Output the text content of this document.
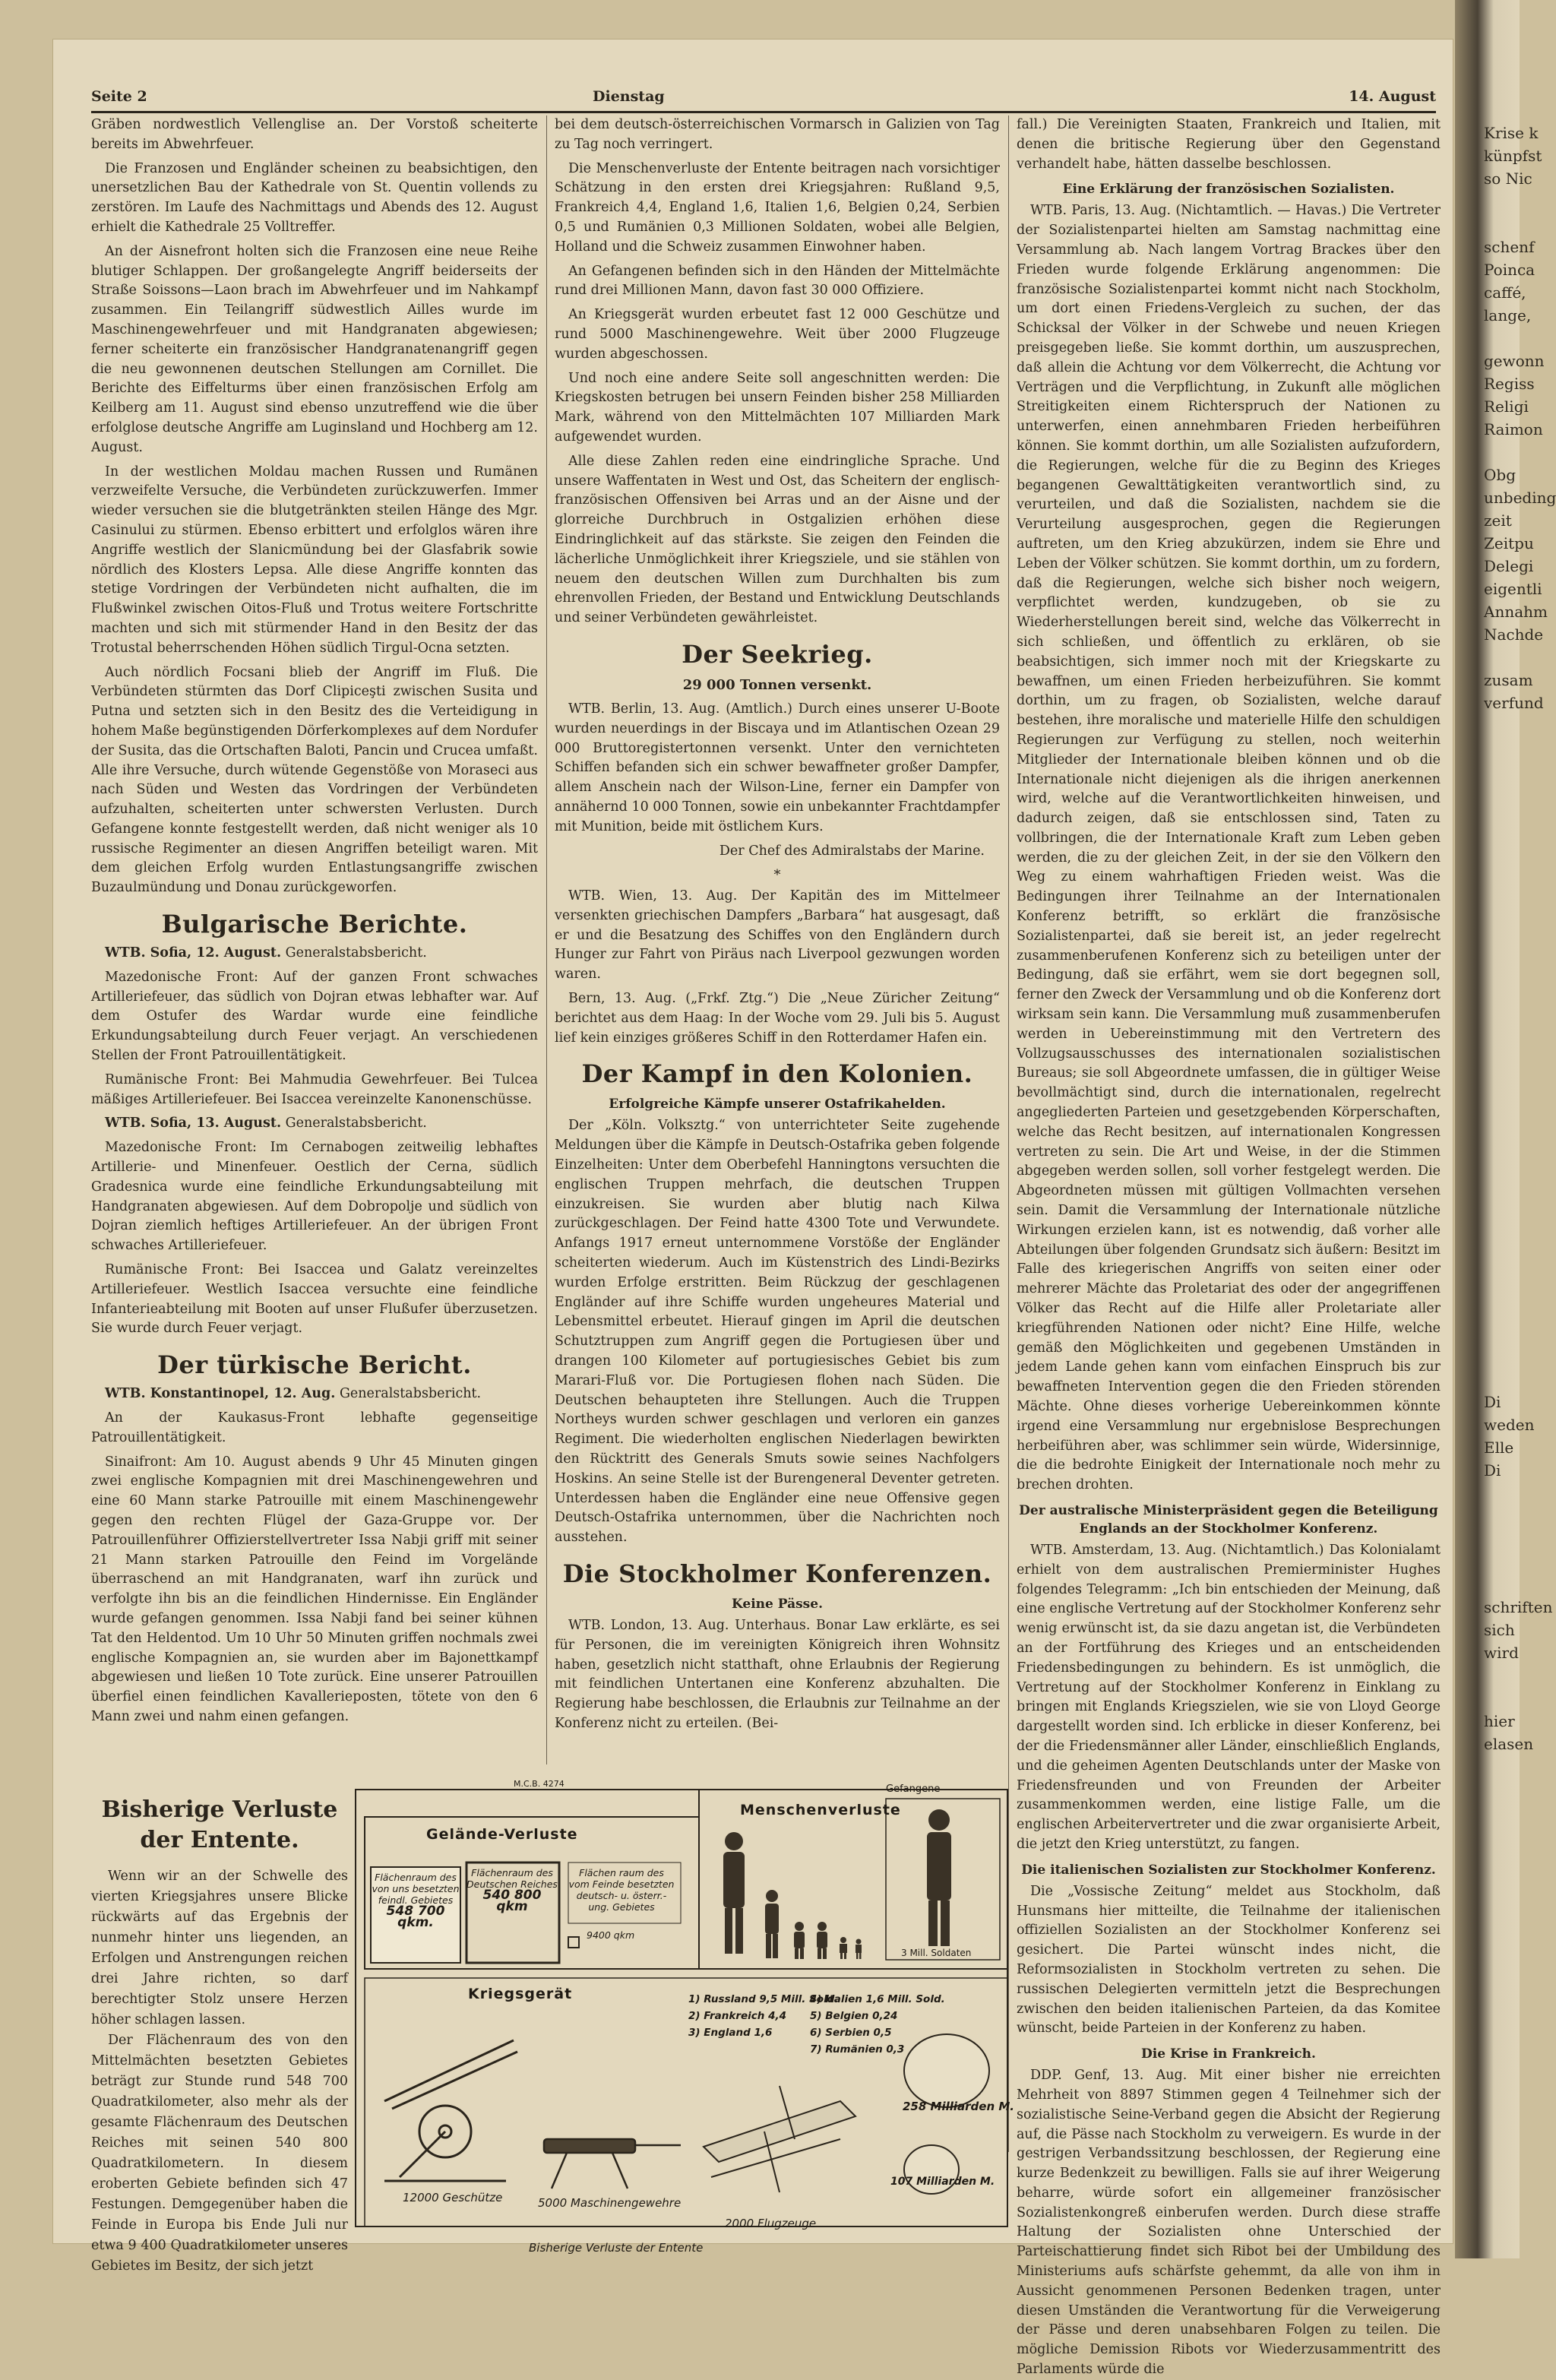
Krise k

künpfst

so Nic

schenf

Poinca

caffé,

lange,

gewonn

Regiss

Religi

Raimon

Obg

unbeding

zeit

Zeitpu

Delegi

eigentli

Annahm

Nachde

zusam

verfund

Di

weden

Elle

Di

schriften

sich

wird

hier

elasen

Seite 2	Dienstag	14. August

Gräben nordwestlich Vellenglise an. Der Vorstoß scheiterte bereits im Abwehrfeuer.

Die Franzosen und Engländer scheinen zu beabsichtigen, den unersetzlichen Bau der Kathedrale von St. Quentin vollends zu zerstören. Im Laufe des Nachmittags und Abends des 12. August erhielt die Kathedrale 25 Volltreffer.

An der Aisnefront holten sich die Franzosen eine neue Reihe blutiger Schlappen. Der großangelegte Angriff beiderseits der Straße Soissons—Laon brach im Abwehrfeuer und im Nahkampf zusammen. Ein Teilangriff südwestlich Ailles wurde im Maschinengewehrfeuer und mit Handgranaten abgewiesen; ferner scheiterte ein französischer Handgranatenangriff gegen die neu gewonnenen deutschen Stellungen am Cornillet. Die Berichte des Eiffelturms über einen französischen Erfolg am Keilberg am 11. August sind ebenso unzutreffend wie die über erfolglose deutsche Angriffe am Luginsland und Hochberg am 12. August.

In der westlichen Moldau machen Russen und Rumänen verzweifelte Versuche, die Verbündeten zurückzuwerfen. Immer wieder versuchen sie die blutgetränkten steilen Hänge des Mgr. Casinului zu stürmen. Ebenso erbittert und erfolglos wären ihre Angriffe westlich der Slanicmündung bei der Glasfabrik sowie nördlich des Klosters Lepsa. Alle diese Angriffe konnten das stetige Vordringen der Verbündeten nicht aufhalten, die im Flußwinkel zwischen Oitos-Fluß und Trotus weitere Fortschritte machten und sich mit stürmender Hand in den Besitz der das Trotustal beherrschenden Höhen südlich Tirgul-Ocna setzten.

Auch nördlich Focsani blieb der Angriff im Fluß. Die Verbündeten stürmten das Dorf Clipiceşti zwischen Susita und Putna und setzten sich in den Besitz des die Verteidigung in hohem Maße begünstigenden Dörferkomplexes auf dem Nordufer der Susita, das die Ortschaften Baloti, Pancin und Crucea umfaßt. Alle ihre Versuche, durch wütende Gegenstöße von Moraseci aus nach Süden und Westen das Vordringen der Verbündeten aufzuhalten, scheiterten unter schwersten Verlusten. Durch Gefangene konnte festgestellt werden, daß nicht weniger als 10 russische Regimenter an diesen Angriffen beteiligt waren. Mit dem gleichen Erfolg wurden Entlastungsangriffe zwischen Buzaulmündung und Donau zurückgeworfen.

Bulgarische Berichte.

WTB. Sofia, 12. August. Generalstabsbericht.

Mazedonische Front: Auf der ganzen Front schwaches Artilleriefeuer, das südlich von Dojran etwas lebhafter war. Auf dem Ostufer des Wardar wurde eine feindliche Erkundungsabteilung durch Feuer verjagt. An verschiedenen Stellen der Front Patrouillentätigkeit.

Rumänische Front: Bei Mahmudia Gewehrfeuer. Bei Tulcea mäßiges Artilleriefeuer. Bei Isaccea vereinzelte Kanonenschüsse.

WTB. Sofia, 13. August. Generalstabsbericht.

Mazedonische Front: Im Cernabogen zeitweilig lebhaftes Artillerie- und Minenfeuer. Oestlich der Cerna, südlich Gradesnica wurde eine feindliche Erkundungsabteilung mit Handgranaten abgewiesen. Auf dem Dobropolje und südlich von Dojran ziemlich heftiges Artilleriefeuer. An der übrigen Front schwaches Artilleriefeuer.

Rumänische Front: Bei Isaccea und Galatz vereinzeltes Artilleriefeuer. Westlich Isaccea versuchte eine feindliche Infanterieabteilung mit Booten auf unser Flußufer überzusetzen. Sie wurde durch Feuer verjagt.

Der türkische Bericht.

WTB. Konstantinopel, 12. Aug. Generalstabsbericht.

An der Kaukasus-Front lebhafte gegenseitige Patrouillentätigkeit.

Sinaifront: Am 10. August abends 9 Uhr 45 Minuten gingen zwei englische Kompagnien mit drei Maschinengewehren und eine 60 Mann starke Patrouille mit einem Maschinengewehr gegen den rechten Flügel der Gaza-Gruppe vor. Der Patrouillenführer Offizierstellvertreter Issa Nabji griff mit seiner 21 Mann starken Patrouille den Feind im Vorgelände überraschend an mit Handgranaten, warf ihn zurück und verfolgte ihn bis an die feindlichen Hindernisse. Ein Engländer wurde gefangen genommen. Issa Nabji fand bei seiner kühnen Tat den Heldentod. Um 10 Uhr 50 Minuten griffen nochmals zwei englische Kompagnien an, sie wurden aber im Bajonettkampf abgewiesen und ließen 10 Tote zurück. Eine unserer Patrouillen überfiel einen feindlichen Kavallerieposten, tötete von den 6 Mann zwei und nahm einen gefangen.

bei dem deutsch-österreichischen Vormarsch in Galizien von Tag zu Tag noch verringert.

Die Menschenverluste der Entente beitragen nach vorsichtiger Schätzung in den ersten drei Kriegsjahren: Rußland 9,5, Frankreich 4,4, England 1,6, Italien 1,6, Belgien 0,24, Serbien 0,5 und Rumänien 0,3 Millionen Soldaten, wobei alle Belgien, Holland und die Schweiz zusammen Einwohner haben.

An Gefangenen befinden sich in den Händen der Mittelmächte rund drei Millionen Mann, davon fast 30 000 Offiziere.

An Kriegsgerät wurden erbeutet fast 12 000 Geschütze und rund 5000 Maschinengewehre. Weit über 2000 Flugzeuge wurden abgeschossen.

Und noch eine andere Seite soll angeschnitten werden: Die Kriegskosten betrugen bei unsern Feinden bisher 258 Milliarden Mark, während von den Mittelmächten 107 Milliarden Mark aufgewendet wurden.

Alle diese Zahlen reden eine eindringliche Sprache. Und unsere Waffentaten in West und Ost, das Scheitern der englisch-französischen Offensiven bei Arras und an der Aisne und der glorreiche Durchbruch in Ostgalizien erhöhen diese Eindringlichkeit auf das stärkste. Sie zeigen den Feinden die lächerliche Unmöglichkeit ihrer Kriegsziele, und sie stählen von neuem den deutschen Willen zum Durchhalten bis zum ehrenvollen Frieden, der Bestand und Entwicklung Deutschlands und seiner Verbündeten gewährleistet.

Der Seekrieg.
29 000 Tonnen versenkt.

WTB. Berlin, 13. Aug. (Amtlich.) Durch eines unserer U-Boote wurden neuerdings in der Biscaya und im Atlantischen Ozean 29 000 Bruttoregistertonnen versenkt. Unter den vernichteten Schiffen befanden sich ein schwer bewaffneter großer Dampfer, allem Anschein nach der Wilson-Line, ferner ein Dampfer von annähernd 10 000 Tonnen, sowie ein unbekannter Frachtdampfer mit Munition, beide mit östlichem Kurs.

Der Chef des Admiralstabs der Marine.

*

WTB. Wien, 13. Aug. Der Kapitän des im Mittelmeer versenkten griechischen Dampfers „Barbara“ hat ausgesagt, daß er und die Besatzung des Schiffes von den Engländern durch Hunger zur Fahrt von Piräus nach Liverpool gezwungen worden waren.

Bern, 13. Aug. („Frkf. Ztg.“) Die „Neue Züricher Zeitung“ berichtet aus dem Haag: In der Woche vom 29. Juli bis 5. August lief kein einziges größeres Schiff in den Rotterdamer Hafen ein.

Der Kampf in den Kolonien.
Erfolgreiche Kämpfe unserer Ostafrikahelden.

Der „Köln. Volksztg.“ von unterrichteter Seite zugehende Meldungen über die Kämpfe in Deutsch-Ostafrika geben folgende Einzelheiten: Unter dem Oberbefehl Hanningtons versuchten die englischen Truppen mehrfach, die deutschen Truppen einzukreisen. Sie wurden aber blutig nach Kilwa zurückgeschlagen. Der Feind hatte 4300 Tote und Verwundete. Anfangs 1917 erneut unternommene Vorstöße der Engländer scheiterten wiederum. Auch im Küstenstrich des Lindi-Bezirks wurden Erfolge erstritten. Beim Rückzug der geschlagenen Engländer auf ihre Schiffe wurden ungeheures Material und Lebensmittel erbeutet. Hierauf gingen im April die deutschen Schutztruppen zum Angriff gegen die Portugiesen über und drangen 100 Kilometer auf portugiesisches Gebiet bis zum Marari-Fluß vor. Die Portugiesen flohen nach Süden. Die Deutschen behaupteten ihre Stellungen. Auch die Truppen Northeys wurden schwer geschlagen und verloren ein ganzes Regiment. Die wiederholten englischen Niederlagen bewirkten den Rücktritt des Generals Smuts sowie seines Nachfolgers Hoskins. An seine Stelle ist der Burengeneral Deventer getreten. Unterdessen haben die Engländer eine neue Offensive gegen Deutsch-Ostafrika unternommen, über die Nachrichten noch ausstehen.

Die Stockholmer Konferenzen.
Keine Pässe.

WTB. London, 13. Aug. Unterhaus. Bonar Law erklärte, es sei für Personen, die im vereinigten Königreich ihren Wohnsitz haben, gesetzlich nicht statthaft, ohne Erlaubnis der Regierung mit feindlichen Untertanen eine Konferenz abzuhalten. Die Regierung habe beschlossen, die Erlaubnis zur Teilnahme an der Konferenz nicht zu erteilen. (Bei-

fall.) Die Vereinigten Staaten, Frankreich und Italien, mit denen die britische Regierung über den Gegenstand verhandelt habe, hätten dasselbe beschlossen.

Eine Erklärung der französischen Sozialisten.

WTB. Paris, 13. Aug. (Nichtamtlich. — Havas.) Die Vertreter der Sozialistenpartei hielten am Samstag nachmittag eine Versammlung ab. Nach langem Vortrag Brackes über den Frieden wurde folgende Erklärung angenommen: Die französische Sozialistenpartei kommt nicht nach Stockholm, um dort einen Friedens-Vergleich zu suchen, der das Schicksal der Völker in der Schwebe und neuen Kriegen preisgegeben ließe. Sie kommt dorthin, um auszusprechen, daß allein die Achtung vor dem Völkerrecht, die Achtung vor Verträgen und die Verpflichtung, in Zukunft alle möglichen Streitigkeiten einem Richterspruch der Nationen zu unterwerfen, einen annehmbaren Frieden herbeiführen können. Sie kommt dorthin, um alle Sozialisten aufzufordern, die Regierungen, welche für die zu Beginn des Krieges begangenen Gewalttätigkeiten verantwortlich sind, zu verurteilen, und daß die Sozialisten, nachdem sie die Verurteilung ausgesprochen, gegen die Regierungen auftreten, um den Krieg abzukürzen, indem sie Ehre und Leben der Völker schützen. Sie kommt dorthin, um zu fordern, daß die Regierungen, welche sich bisher noch weigern, verpflichtet werden, kundzugeben, ob sie zu Wiederherstellungen bereit sind, welche das Völkerrecht in sich schließen, und öffentlich zu erklären, ob sie beabsichtigen, sich immer noch mit der Kriegskarte zu bewaffnen, um einen Frieden herbeizuführen. Sie kommt dorthin, um zu fragen, ob Sozialisten, welche darauf bestehen, ihre moralische und materielle Hilfe den schuldigen Regierungen zur Verfügung zu stellen, noch weiterhin Mitglieder der Internationale bleiben können und ob die Internationale nicht diejenigen als die ihrigen anerkennen wird, welche auf die Verantwortlichkeiten hinweisen, und dadurch zeigen, daß sie entschlossen sind, Taten zu vollbringen, die der Internationale Kraft zum Leben geben werden, die zu der gleichen Zeit, in der sie den Völkern den Weg zu einem wahrhaftigen Frieden weist. Was die Bedingungen ihrer Teilnahme an der Internationalen Konferenz betrifft, so erklärt die französische Sozialistenpartei, daß sie bereit ist, an jeder regelrecht zusammenberufenen Konferenz sich zu beteiligen unter der Bedingung, daß sie erfährt, wem sie dort begegnen soll, ferner den Zweck der Versammlung und ob die Konferenz dort wirksam sein kann. Die Versammlung muß zusammenberufen werden in Uebereinstimmung mit den Vertretern des Vollzugsausschusses des internationalen sozialistischen Bureaus; sie soll Abgeordnete umfassen, die in gültiger Weise bevollmächtigt sind, durch die internationalen, regelrecht angegliederten Parteien und gesetzgebenden Körperschaften, welche das Recht besitzen, auf internationalen Kongressen vertreten zu sein. Die Art und Weise, in der die Stimmen abgegeben werden sollen, soll vorher festgelegt werden. Die Abgeordneten müssen mit gültigen Vollmachten versehen sein. Damit die Versammlung der Internationale nützliche Wirkungen erzielen kann, ist es notwendig, daß vorher alle Abteilungen über folgenden Grundsatz sich äußern: Besitzt im Falle des kriegerischen Angriffs von seiten einer oder mehrerer Mächte das Proletariat des oder der angegriffenen Völker das Recht auf die Hilfe aller Proletariate aller kriegführenden Nationen oder nicht? Eine Hilfe, welche gemäß den Möglichkeiten und gegebenen Umständen in jedem Lande gehen kann vom einfachen Einspruch bis zur bewaffneten Intervention gegen die den Frieden störenden Mächte. Ohne dieses vorherige Uebereinkommen könnte irgend eine Versammlung nur ergebnislose Besprechungen herbeiführen aber, was schlimmer sein würde, Widersinnige, die die bedrohte Einigkeit der Internationale noch mehr zu brechen drohten.

Der australische Ministerpräsident gegen die Beteiligung Englands an der Stockholmer Konferenz.

WTB. Amsterdam, 13. Aug. (Nichtamtlich.) Das Kolonialamt erhielt von dem australischen Premierminister Hughes folgendes Telegramm: „Ich bin entschieden der Meinung, daß eine englische Vertretung auf der Stockholmer Konferenz sehr wenig erwünscht ist, da sie dazu angetan ist, die Verbündeten an der Fortführung des Krieges und an entscheidenden Friedensbedingungen zu behindern. Es ist unmöglich, die Vertretung auf der Stockholmer Konferenz in Einklang zu bringen mit Englands Kriegszielen, wie sie von Lloyd George dargestellt worden sind. Ich erblicke in dieser Konferenz, bei der die Friedensmänner aller Länder, einschließlich Englands, und die geheimen Agenten Deutschlands unter der Maske von Friedensfreunden und von Freunden der Arbeiter zusammenkommen werden, eine listige Falle, um die englischen Arbeitervertreter und die zwar organisierte Arbeit, die jetzt den Krieg unterstützt, zu fangen.

Die italienischen Sozialisten zur Stockholmer Konferenz.

Die „Vossische Zeitung“ meldet aus Stockholm, daß Hunsmans hier mitteilte, die Teilnahme der italienischen offiziellen Sozialisten an der Stockholmer Konferenz sei gesichert. Die Partei wünscht indes nicht, die Reformsozialisten in Stockholm vertreten zu sehen. Die russischen Delegierten vermitteln jetzt die Besprechungen zwischen den beiden italienischen Parteien, da das Komitee wünscht, beide Parteien in der Konferenz zu haben.

Die Krise in Frankreich.

DDP. Genf, 13. Aug. Mit einer bisher nie erreichten Mehrheit von 8897 Stimmen gegen 4 Teilnehmer sich der sozialistische Seine-Verband gegen die Absicht der Regierung auf, die Pässe nach Stockholm zu verweigern. Es wurde in der gestrigen Verbandssitzung beschlossen, der Regierung eine kurze Bedenkzeit zu bewilligen. Falls sie auf ihrer Weigerung beharre, würde sofort ein allgemeiner französischer Sozialistenkongreß einberufen werden. Durch diese straffe Haltung der Sozialisten ohne Unterschied der Parteischattierung findet sich Ribot bei der Umbildung des Ministeriums aufs schärfste gehemmt, da alle von ihm in Aussicht genommenen Personen Bedenken tragen, unter diesen Umständen die Verantwortung für die Verweigerung der Pässe und deren unabsehbaren Folgen zu teilen. Die mögliche Demission Ribots vor Wiederzusammentritt des Parlaments würde die

Bisherige Verluste der Entente.

Wenn wir an der Schwelle des vierten Kriegsjahres unsere Blicke rückwärts auf das Ergebnis der nunmehr hinter uns liegenden, an Erfolgen und Anstrengungen reichen drei Jahre richten, so darf berechtigter Stolz unsere Herzen höher schlagen lassen.

Der Flächenraum des von den Mittelmächten besetzten Gebietes beträgt zur Stunde rund 548 700 Quadratkilometer, also mehr als der gesamte Flächenraum des Deutschen Reiches mit seinen 540 800 Quadratkilometern. In diesem eroberten Gebiete befinden sich 47 Festungen. Demgegenüber haben die Feinde in Europa bis Ende Juli nur etwa 9 400 Quadratkilometer unseres Gebietes im Besitz, der sich jetzt

M.C.B. 4274
Gelände-Verluste
Menschenverluste
Gefangene
3 Mill. Soldaten
Kriegsgerät
Flächenraum des von uns besetzten feindl. Gebietes
548 700 qkm.
Flächenraum des Deutschen Reiches
540 800 qkm
Flächen raum des vom Feinde besetzten deutsch- u. österr.-ung. Gebietes
9400 qkm
1) Russland 9,5 Mill. Sold.
2) Frankreich 4,4
3) England 1,6
4) Italien 1,6 Mill. Sold.
5) Belgien 0,24
6) Serbien 0,5
7) Rumänien 0,3
12000 Geschütze	5000 Maschinengewehre
2000 Flugzeuge
258 Milliarden M.
107 Milliarden M.
Bisherige Verluste der Entente
